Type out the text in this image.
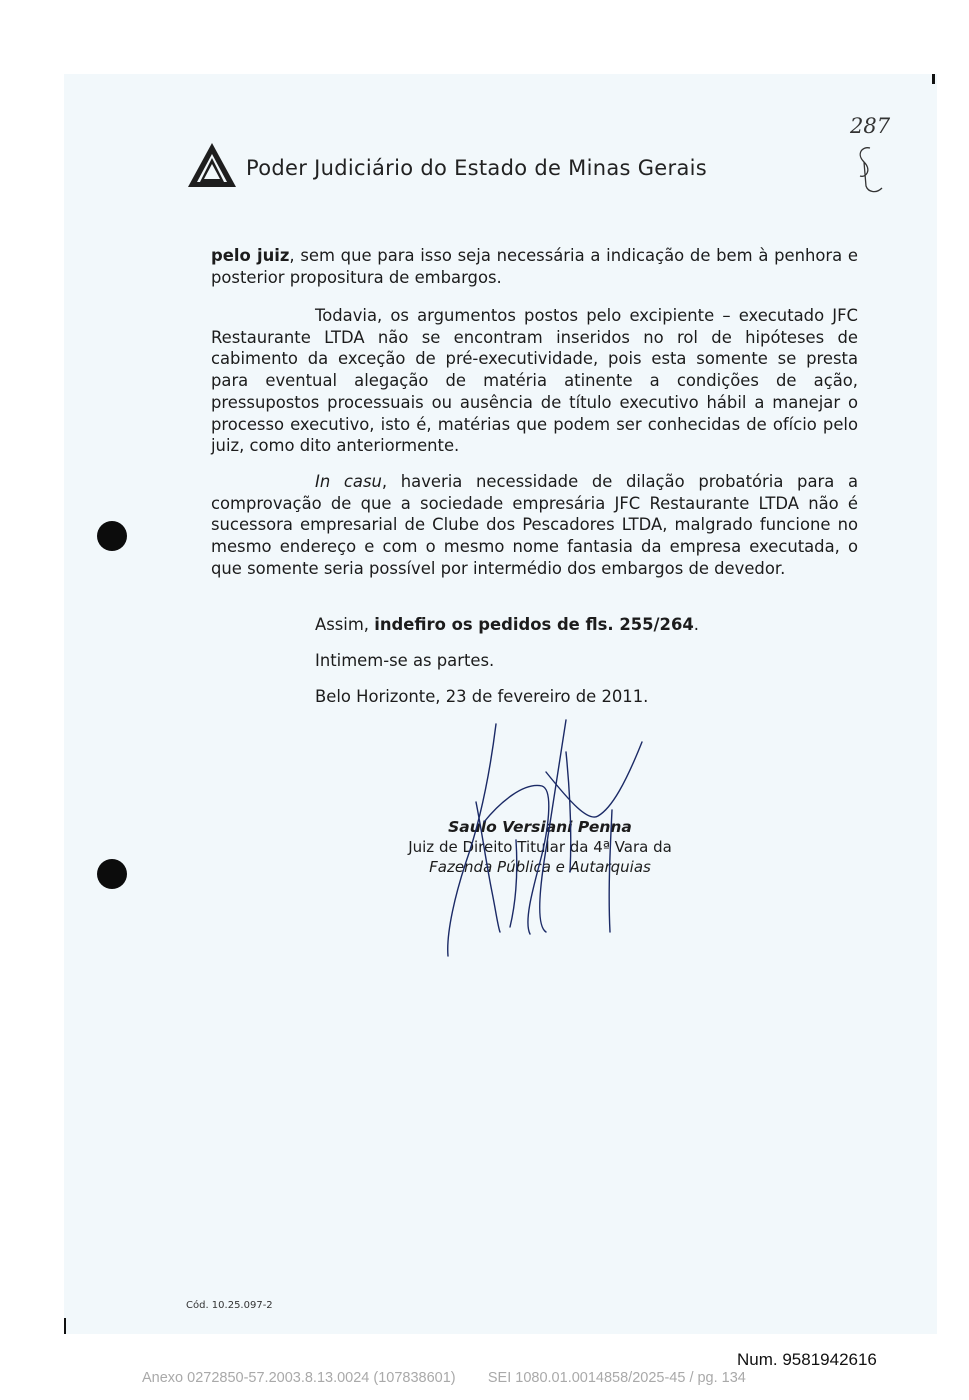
Poder Judiciário do Estado de Minas Gerais
287

pelo juiz, sem que para isso seja necessária a indicação de bem à penhora e posterior propositura de embargos.

Todavia, os argumentos postos pelo excipiente – executado JFC Restaurante LTDA não se encontram inseridos no rol de hipóteses de cabimento da exceção de pré-executividade, pois esta somente se presta para eventual alegação de matéria atinente a condições de ação, pressupostos processuais ou ausência de título executivo hábil a manejar o processo executivo, isto é, matérias que podem ser conhecidas de ofício pelo juiz, como dito anteriormente.

In casu, haveria necessidade de dilação probatória para a comprovação de que a sociedade empresária JFC Restaurante LTDA não é sucessora empresarial de Clube dos Pescadores LTDA, malgrado funcione no mesmo endereço e com o mesmo nome fantasia da empresa executada, o que somente seria possível por intermédio dos embargos de devedor.

Assim, indefiro os pedidos de fls. 255/264.
Intimem-se as partes.
Belo Horizonte, 23 de fevereiro de 2011.
Saulo Versiani Penna
Juiz de Direito Titular da 4ª Vara da
Fazenda Pública e Autarquias
Cód. 10.25.097-2
Num. 9581942616
Anexo 0272850-57.2003.8.13.0024 (107838601) SEI 1080.01.0014858/2025-45 / pg. 134
